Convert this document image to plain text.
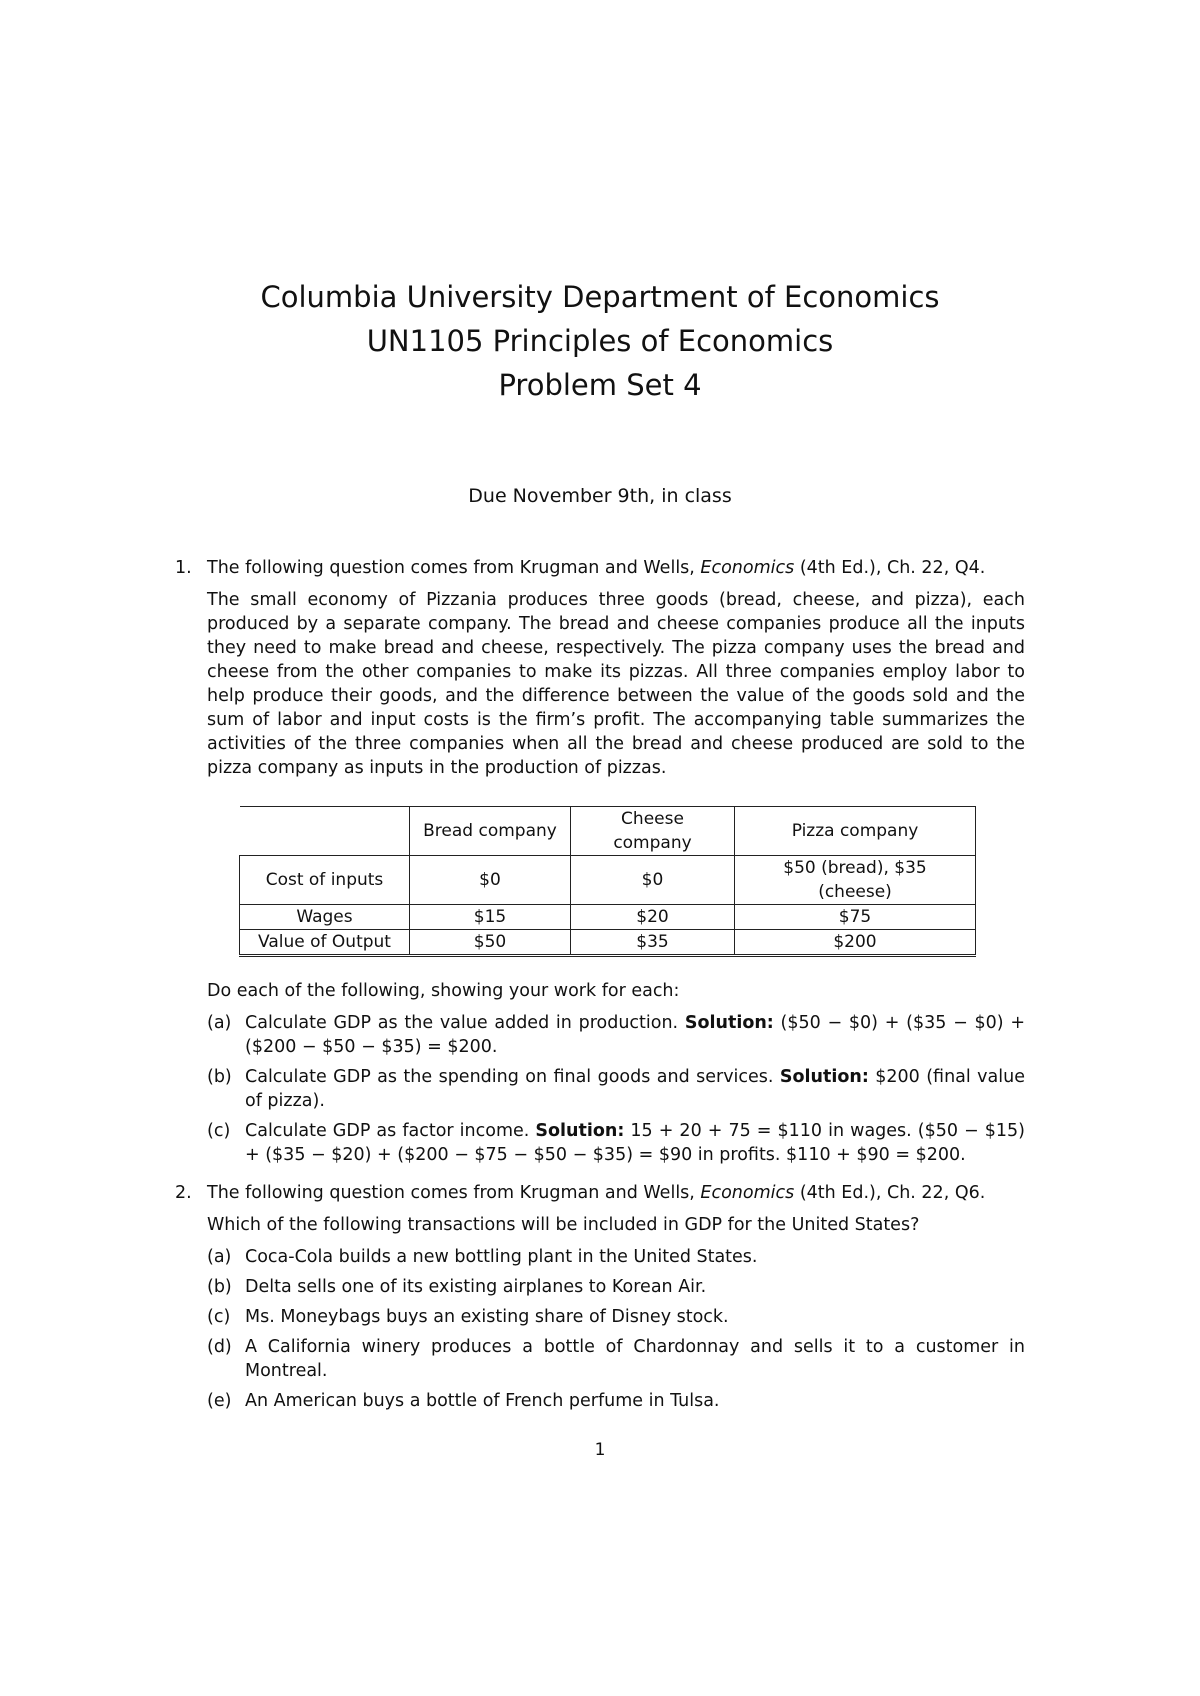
Columbia University Department of Economics
UN1105 Principles of Economics
Problem Set 4
Due November 9th, in class
1. The following question comes from Krugman and Wells, Economics (4th Ed.), Ch. 22, Q4.

The small economy of Pizzania produces three goods (bread, cheese, and pizza), each produced by a separate company. The bread and cheese companies produce all the inputs they need to make bread and cheese, respectively. The pizza company uses the bread and cheese from the other companies to make its pizzas. All three companies employ labor to help produce their goods, and the difference between the value of the goods sold and the sum of labor and input costs is the firm’s profit. The accompanying table summarizes the activities of the three companies when all the bread and cheese produced are sold to the pizza company as inputs in the production of pizzas.

	Bread company	Cheese company	Pizza company
Cost of inputs	$0	$0	$50 (bread), $35 (cheese)
Wages	$15	$20	$75
Value of Output	$50	$35	$200

Do each of the following, showing your work for each:

(a) Calculate GDP as the value added in production. Solution: ($50 − $0) + ($35 − $0) + ($200 − $50 − $35) = $200.
(b) Calculate GDP as the spending on final goods and services. Solution: $200 (final value of pizza).
(c) Calculate GDP as factor income. Solution: 15 + 20 + 75 = $110 in wages. ($50 − $15) + ($35 − $20) + ($200 − $75 − $50 − $35) = $90 in profits. $110 + $90 = $200.
2. The following question comes from Krugman and Wells, Economics (4th Ed.), Ch. 22, Q6.

Which of the following transactions will be included in GDP for the United States?

(a) Coca-Cola builds a new bottling plant in the United States.
(b) Delta sells one of its existing airplanes to Korean Air.
(c) Ms. Moneybags buys an existing share of Disney stock.
(d) A California winery produces a bottle of Chardonnay and sells it to a customer in Montreal.
(e) An American buys a bottle of French perfume in Tulsa.
1
